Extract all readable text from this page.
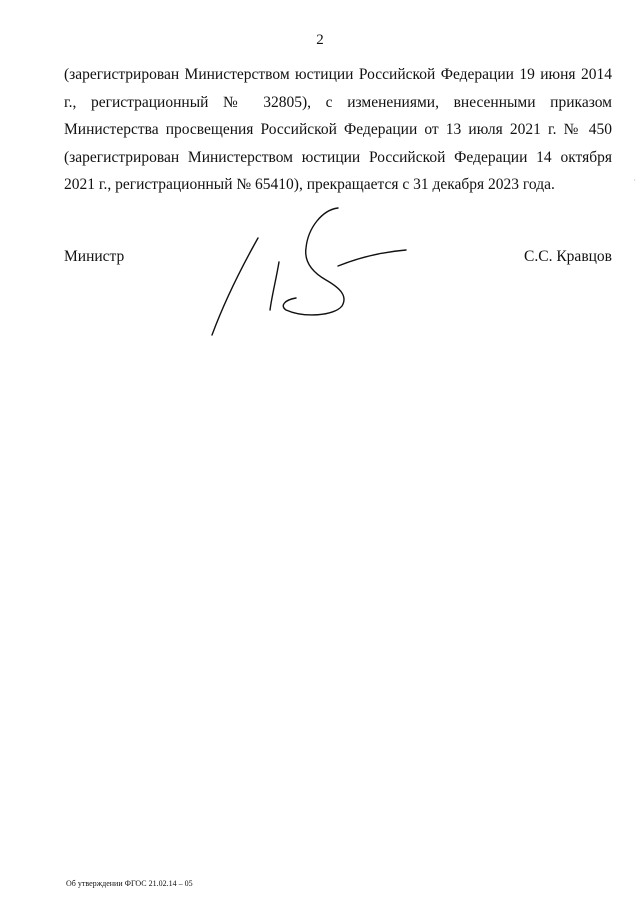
2

(зарегистрирован Министерством юстиции Российской Федерации 19 июня 2014 г., регистрационный № 32805), с изменениями, внесенными приказом Министерства просвещения Российской Федерации от 13 июля 2021 г. № 450 (зарегистрирован Министерством юстиции Российской Федерации 14 октября 2021 г., регистрационный № 65410), прекращается с 31 декабря 2023 года.

Министр	С.С. Кравцов
Об утверждении ФГОС 21.02.14 – 05
·
